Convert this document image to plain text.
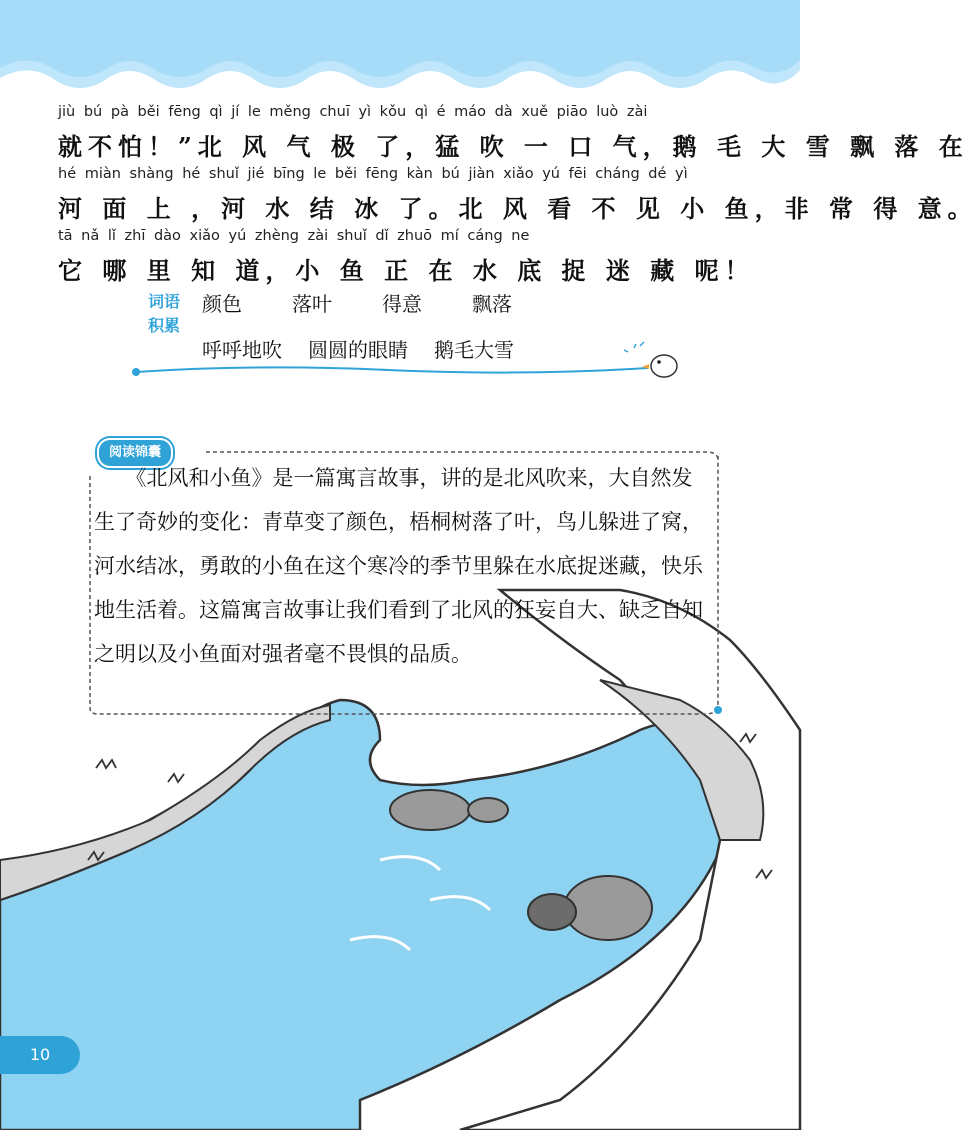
jiù bú pà běi fēng qì jí le měng chuī yì kǒu qì é máo dà xuě piāo luò zài
就不怕！”北 风 气 极 了，猛 吹 一 口 气，鹅 毛 大 雪 飘 落 在
hé miàn shàng hé shuǐ jié bīng le běi fēng kàn bú jiàn xiǎo yú fēi cháng dé yì
河 面 上 ，河 水 结 冰 了。北 风 看 不 见 小 鱼，非 常 得 意。
tā nǎ lǐ zhī dào xiǎo yú zhèng zài shuǐ dǐ zhuō mí cáng ne
它 哪 里 知 道，小 鱼 正 在 水 底 捉 迷 藏 呢！
词语积累
颜色	落叶	得意	飘落
呼呼地吹 圆圆的眼睛 鹅毛大雪
阅读锦囊
　　《北风和小鱼》是一篇寓言故事，讲的是北风吹来，大自然发生了奇妙的变化：青草变了颜色，梧桐树落了叶，鸟儿躲进了窝，河水结冰，勇敢的小鱼在这个寒冷的季节里躲在水底捉迷藏，快乐地生活着。这篇寓言故事让我们看到了北风的狂妄自大、缺乏自知之明以及小鱼面对强者毫不畏惧的品质。
10
